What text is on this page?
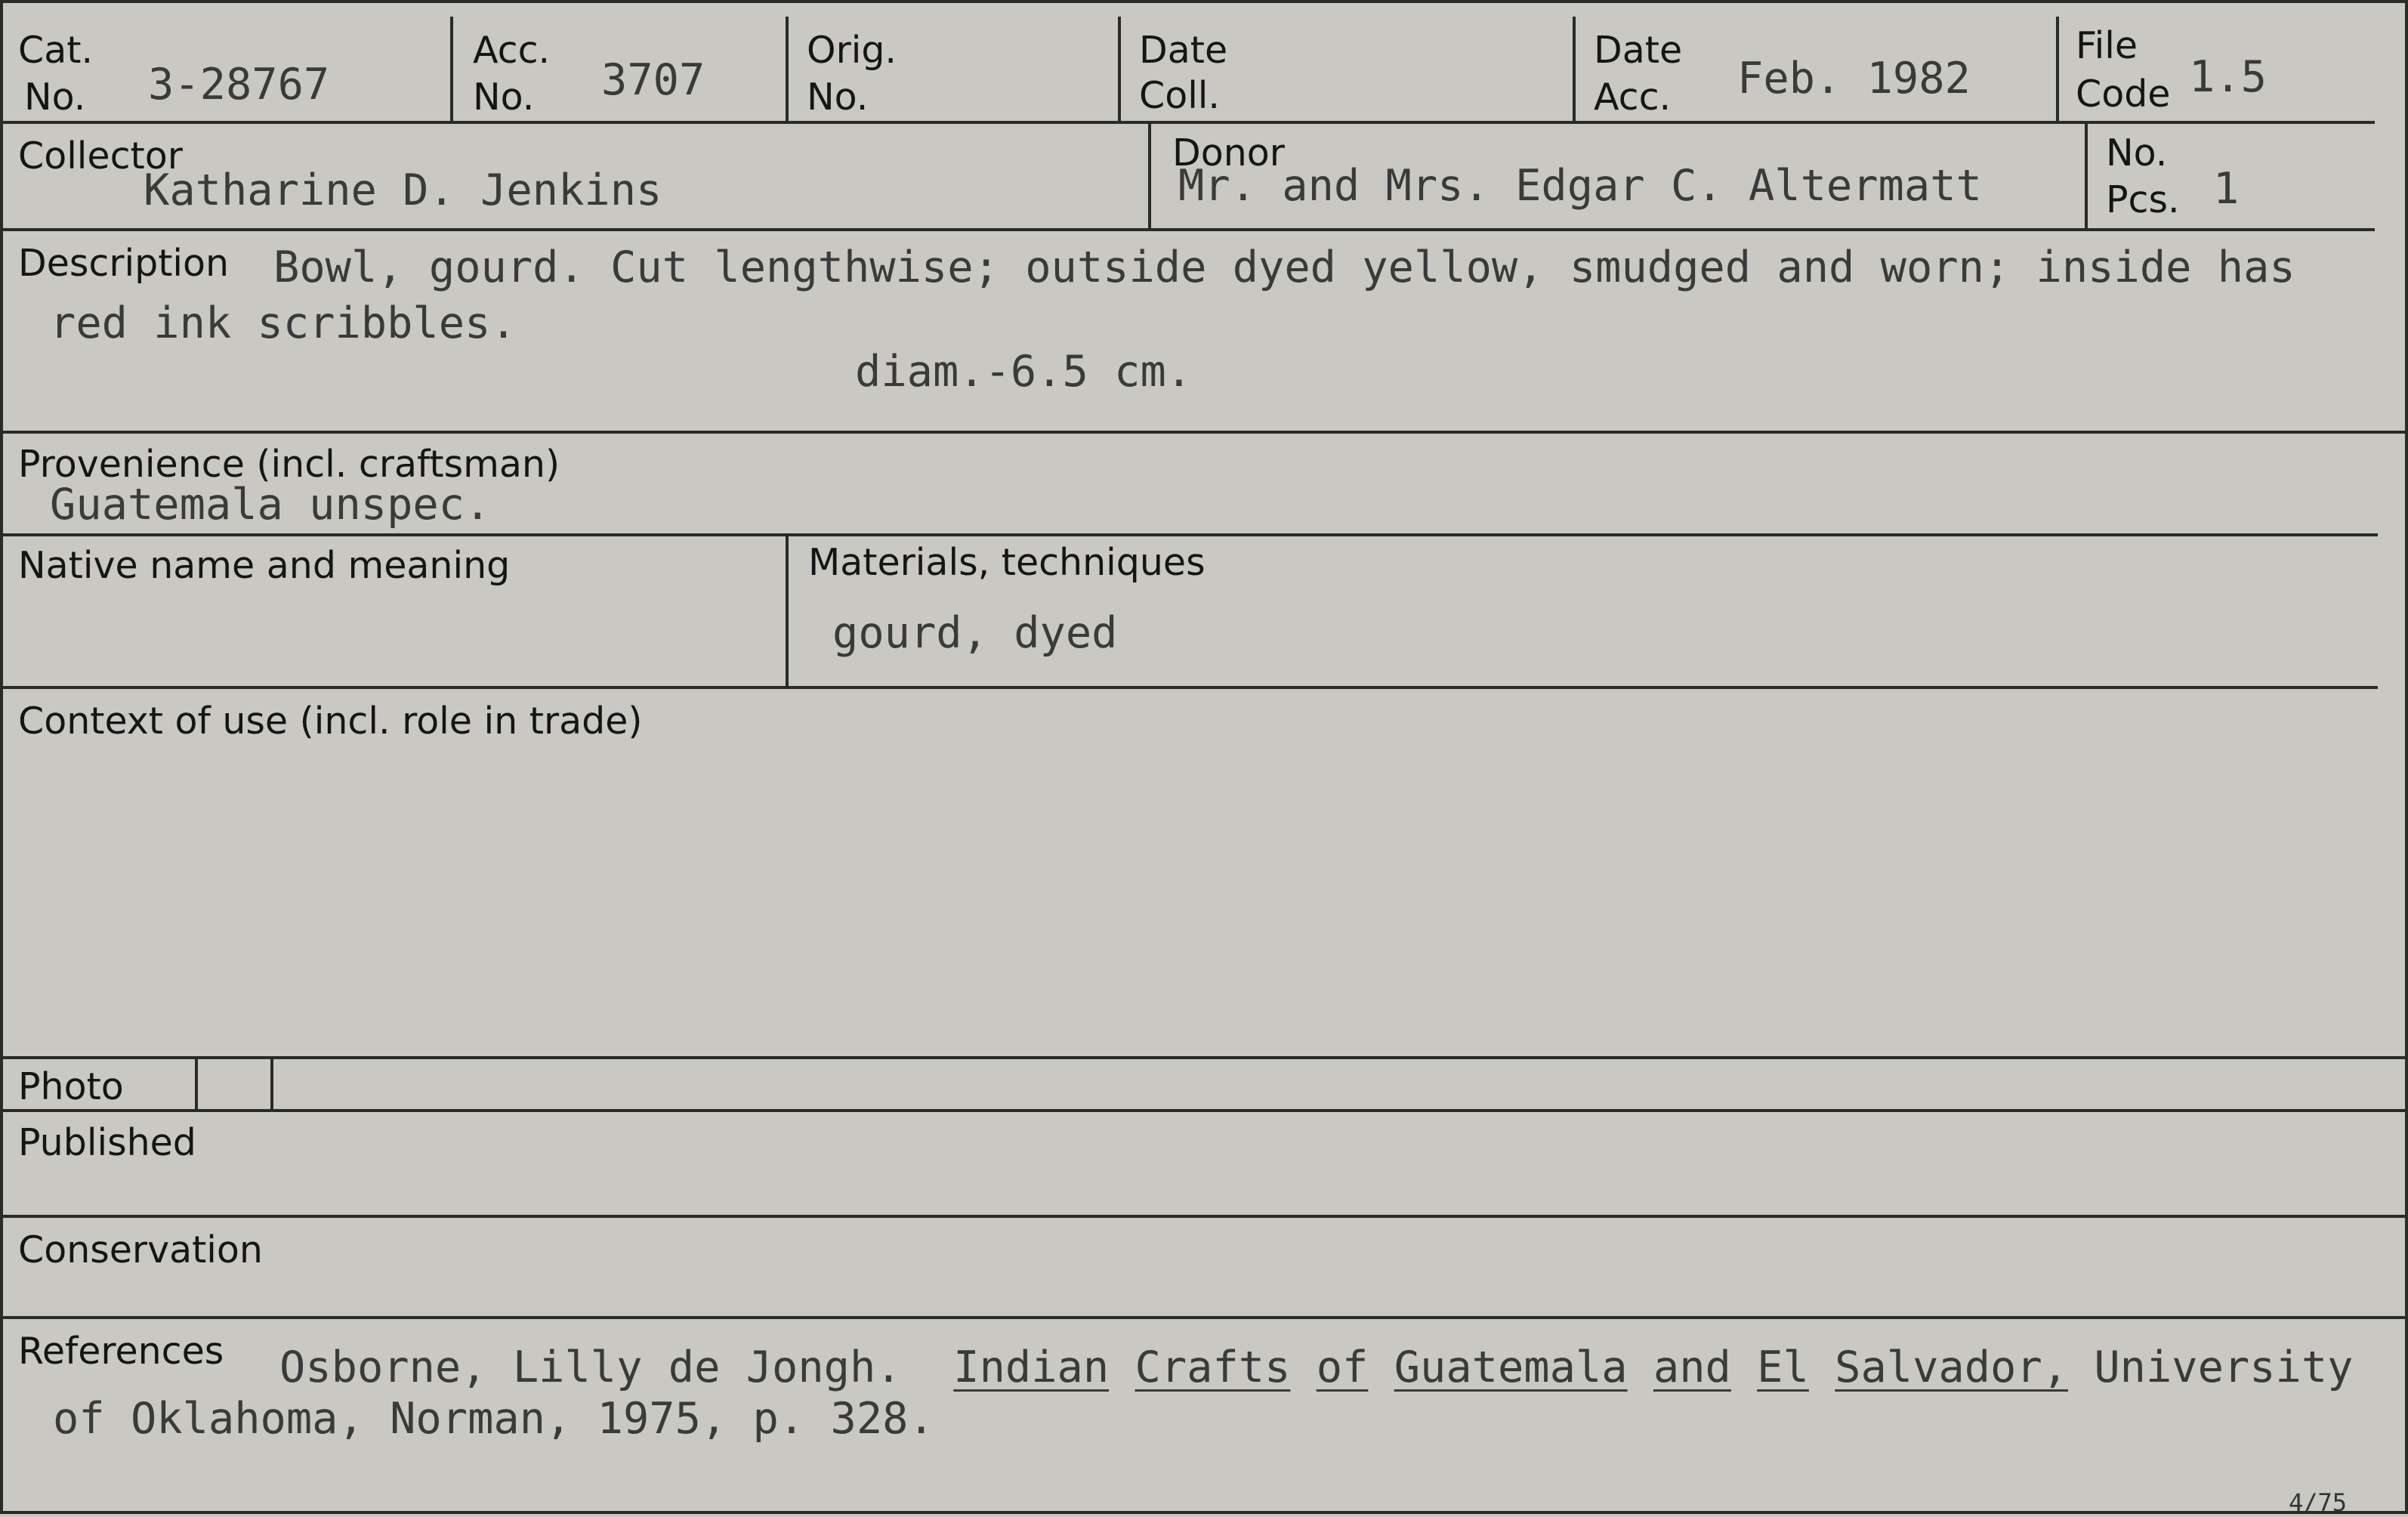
Cat.
No. 3-28767
Acc.
No. 3707
Orig.
No.
Date
Coll.
Date
Acc. Feb. 1982
File
Code 1.5
Collector
Katharine D. Jenkins
Donor
Mr. and Mrs. Edgar C. Altermatt
No.
Pcs. 1
Description Bowl, gourd. Cut lengthwise; outside dyed yellow, smudged and worn; inside has
red ink scribbles.
diam.-6.5 cm.
Provenience (incl. craftsman)
Guatemala unspec.
Native name and meaning	Materials, techniques
gourd, dyed
Context of use (incl. role in trade)
Photo
Published
Conservation
References Osborne, Lilly de Jongh. Indian Crafts of Guatemala and El Salvador, University
of Oklahoma, Norman, 1975, p. 328.
4/75
